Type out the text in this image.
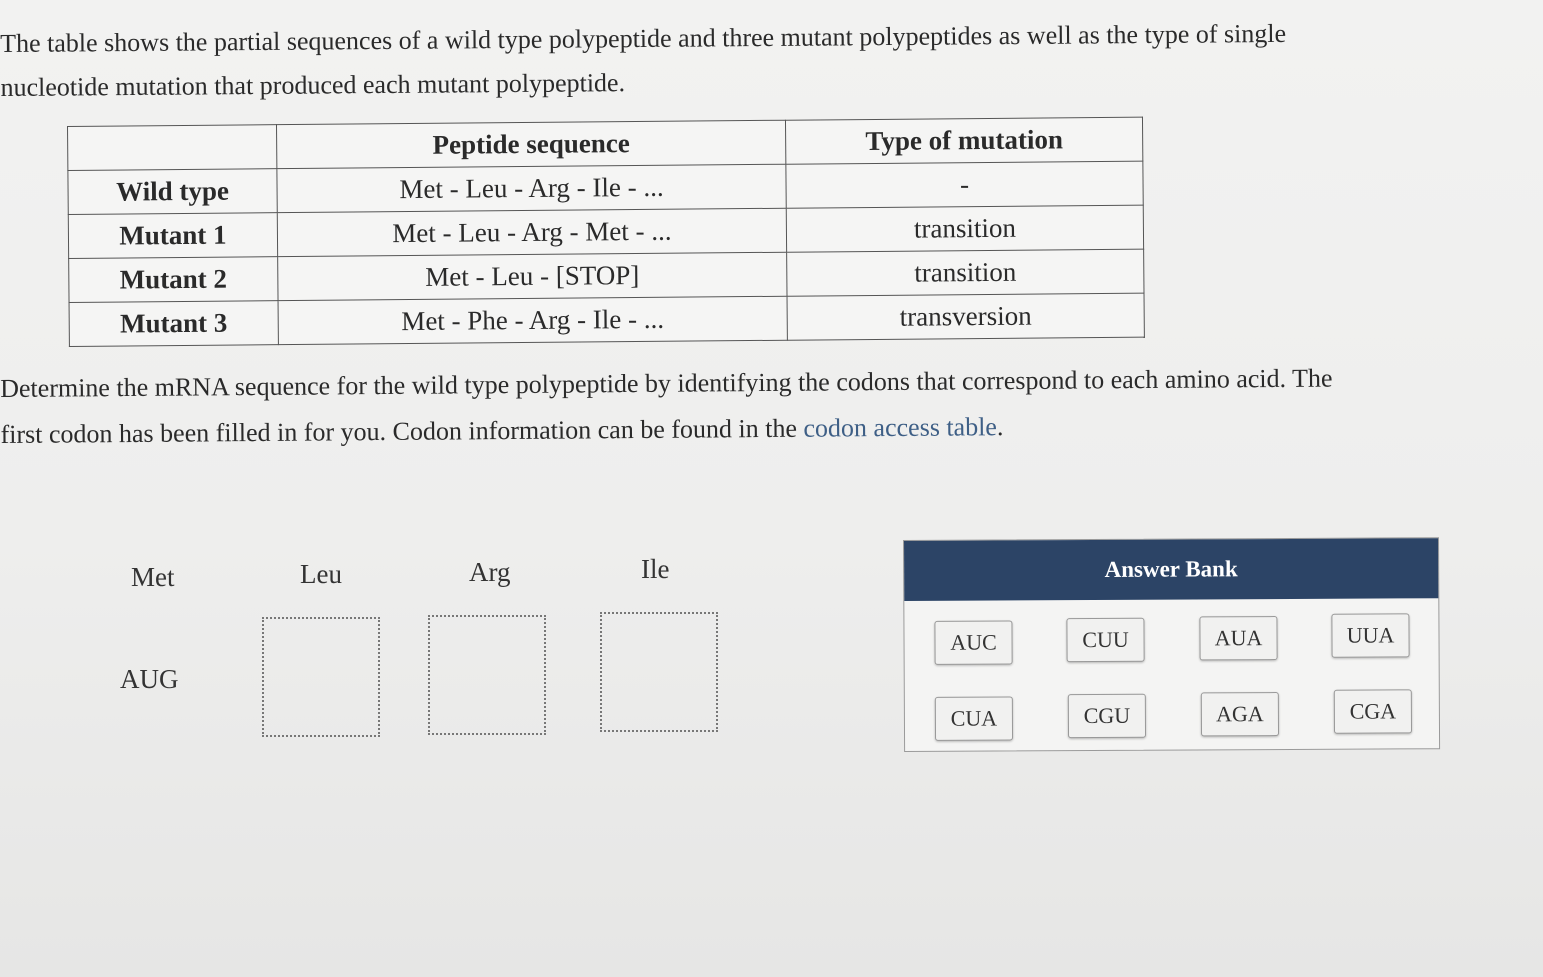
The table shows the partial sequences of a wild type polypeptide and three mutant polypeptides as well as the type of single

nucleotide mutation that produced each mutant polypeptide.

	Peptide sequence	Type of mutation
Wild type	Met - Leu - Arg - Ile - ...	-
Mutant 1	Met - Leu - Arg - Met - ...	transition
Mutant 2	Met - Leu - [STOP]	transition
Mutant 3	Met - Phe - Arg - Ile - ...	transversion

Determine the mRNA sequence for the wild type polypeptide by identifying the codons that correspond to each amino acid. The

first codon has been filled in for you. Codon information can be found in the codon access table.

Met	Leu	Arg	Ile
AUG
Answer Bank
AUC	CUU	AUA	UUA
CUA	CGU	AGA	CGA
